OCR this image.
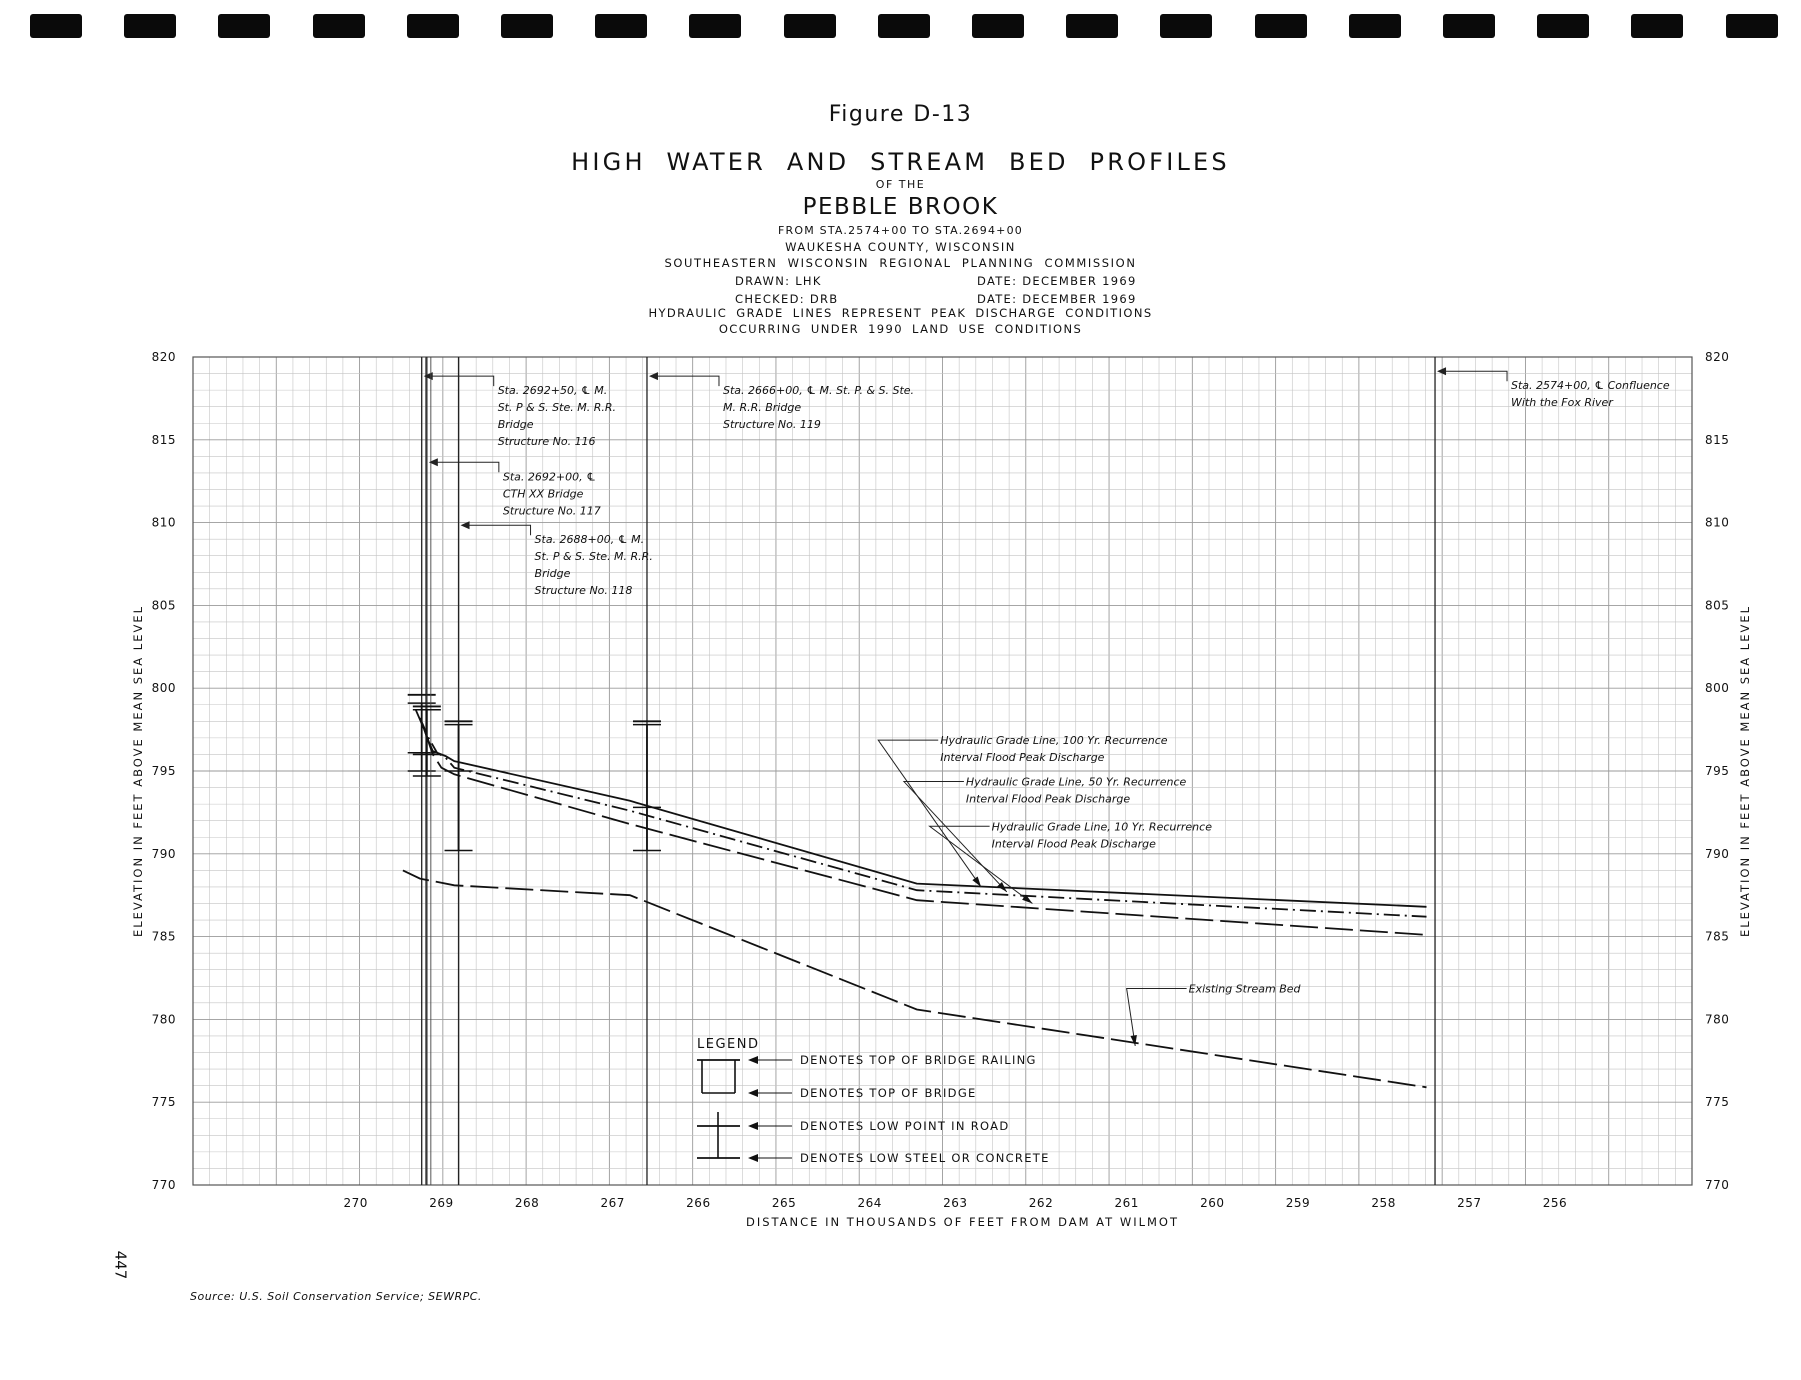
Figure D-13
HIGH WATER AND STREAM BED PROFILES
OF THE
PEBBLE BROOK
FROM STA.2574+00 TO STA.2694+00
WAUKESHA COUNTY, WISCONSIN
SOUTHEASTERN WISCONSIN REGIONAL PLANNING COMMISSION
DRAWN: LHK	DATE: DECEMBER 1969
CHECKED: DRB	DATE: DECEMBER 1969
HYDRAULIC GRADE LINES REPRESENT PEAK DISCHARGE CONDITIONS
OCCURRING UNDER 1990 LAND USE CONDITIONS
770	770
775	775
780	780
785	785
790	790
795	795
800	800
805	805
810	810
815	815
820	820
270	269	268	267	266	265	264	263	262	261	260	259	258	257	256
DISTANCE IN THOUSANDS OF FEET FROM DAM AT WILMOT
ELEVATION IN FEET ABOVE MEAN SEA LEVEL	ELEVATION IN FEET ABOVE MEAN SEA LEVEL
Sta. 2692+50, ℄ M.
St. P & S. Ste. M. R.R.
Bridge
Structure No. 116
Sta. 2692+00, ℄
CTH XX Bridge
Structure No. 117
Sta. 2688+00, ℄ M.
St. P & S. Ste. M. R.R.
Bridge
Structure No. 118
Sta. 2666+00, ℄ M. St. P. & S. Ste.
M. R.R. Bridge
Structure No. 119
Sta. 2574+00, ℄ Confluence
With the Fox River
Hydraulic Grade Line, 100 Yr. Recurrence
Interval Flood Peak Discharge
Hydraulic Grade Line, 50 Yr. Recurrence
Interval Flood Peak Discharge
Hydraulic Grade Line, 10 Yr. Recurrence
Interval Flood Peak Discharge
Existing Stream Bed
LEGEND
DENOTES TOP OF BRIDGE RAILING
DENOTES TOP OF BRIDGE
DENOTES LOW POINT IN ROAD
DENOTES LOW STEEL OR CONCRETE
Source: U.S. Soil Conservation Service; SEWRPC.
447
